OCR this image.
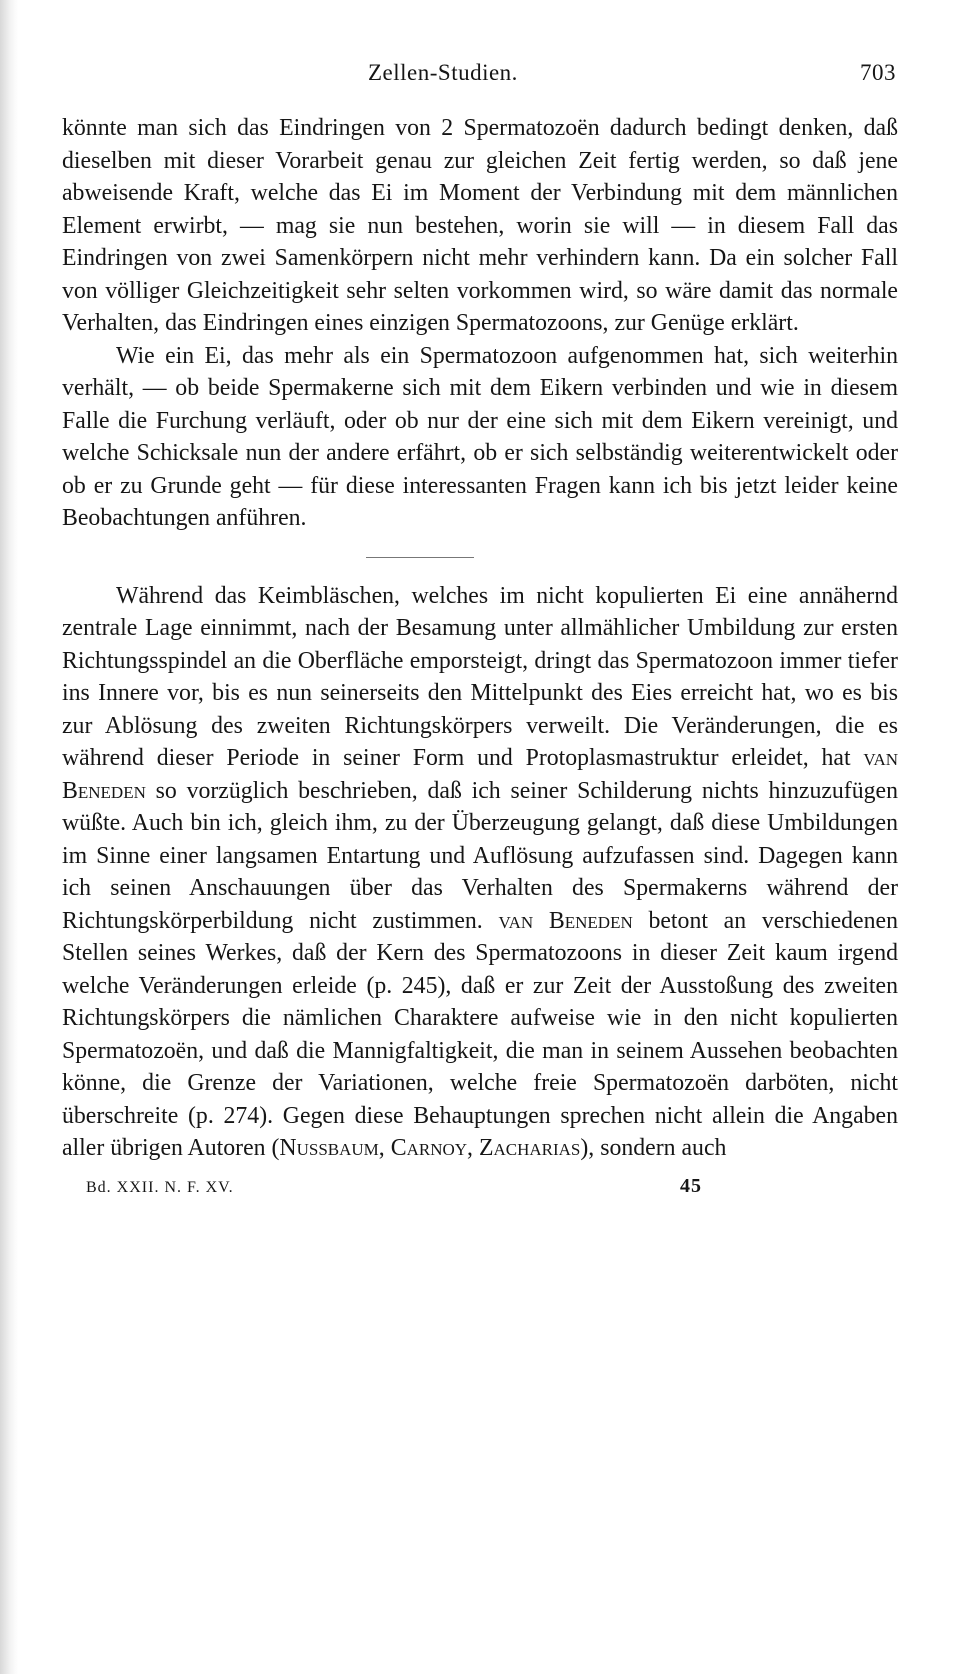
Zellen-Studien.	703

könnte man sich das Eindringen von 2 Spermatozoën dadurch bedingt denken, daß dieselben mit dieser Vorarbeit genau zur gleichen Zeit fertig werden, so daß jene abweisende Kraft, welche das Ei im Moment der Verbindung mit dem männlichen Element erwirbt, — mag sie nun bestehen, worin sie will — in diesem Fall das Eindringen von zwei Samenkörpern nicht mehr verhindern kann. Da ein solcher Fall von völliger Gleichzeitigkeit sehr selten vorkommen wird, so wäre damit das normale Verhalten, das Eindringen eines einzigen Spermatozoons, zur Genüge erklärt.

Wie ein Ei, das mehr als ein Spermatozoon aufgenommen hat, sich weiterhin verhält, — ob beide Spermakerne sich mit dem Eikern verbinden und wie in diesem Falle die Furchung verläuft, oder ob nur der eine sich mit dem Eikern vereinigt, und welche Schicksale nun der andere erfährt, ob er sich selbständig weiterentwickelt oder ob er zu Grunde geht — für diese interessanten Fragen kann ich bis jetzt leider keine Beobachtungen anführen.

Während das Keimbläschen, welches im nicht kopulierten Ei eine annähernd zentrale Lage einnimmt, nach der Besamung unter allmählicher Umbildung zur ersten Richtungsspindel an die Oberfläche emporsteigt, dringt das Spermatozoon immer tiefer ins Innere vor, bis es nun seinerseits den Mittelpunkt des Eies erreicht hat, wo es bis zur Ablösung des zweiten Richtungskörpers verweilt. Die Veränderungen, die es während dieser Periode in seiner Form und Protoplasmastruktur erleidet, hat van Beneden so vorzüglich beschrieben, daß ich seiner Schilderung nichts hinzuzufügen wüßte. Auch bin ich, gleich ihm, zu der Überzeugung gelangt, daß diese Umbildungen im Sinne einer langsamen Entartung und Auflösung aufzufassen sind. Dagegen kann ich seinen Anschauungen über das Verhalten des Spermakerns während der Richtungskörperbildung nicht zustimmen. van Beneden betont an verschiedenen Stellen seines Werkes, daß der Kern des Spermatozoons in dieser Zeit kaum irgend welche Veränderungen erleide (p. 245), daß er zur Zeit der Ausstoßung des zweiten Richtungskörpers die nämlichen Charaktere aufweise wie in den nicht kopulierten Spermatozoën, und daß die Mannigfaltigkeit, die man in seinem Aussehen beobachten könne, die Grenze der Variationen, welche freie Spermatozoën darböten, nicht überschreite (p. 274). Gegen diese Behauptungen sprechen nicht allein die Angaben aller übrigen Autoren (Nussbaum, Carnoy, Zacharias), sondern auch

Bd. XXII. N. F. XV.	45
